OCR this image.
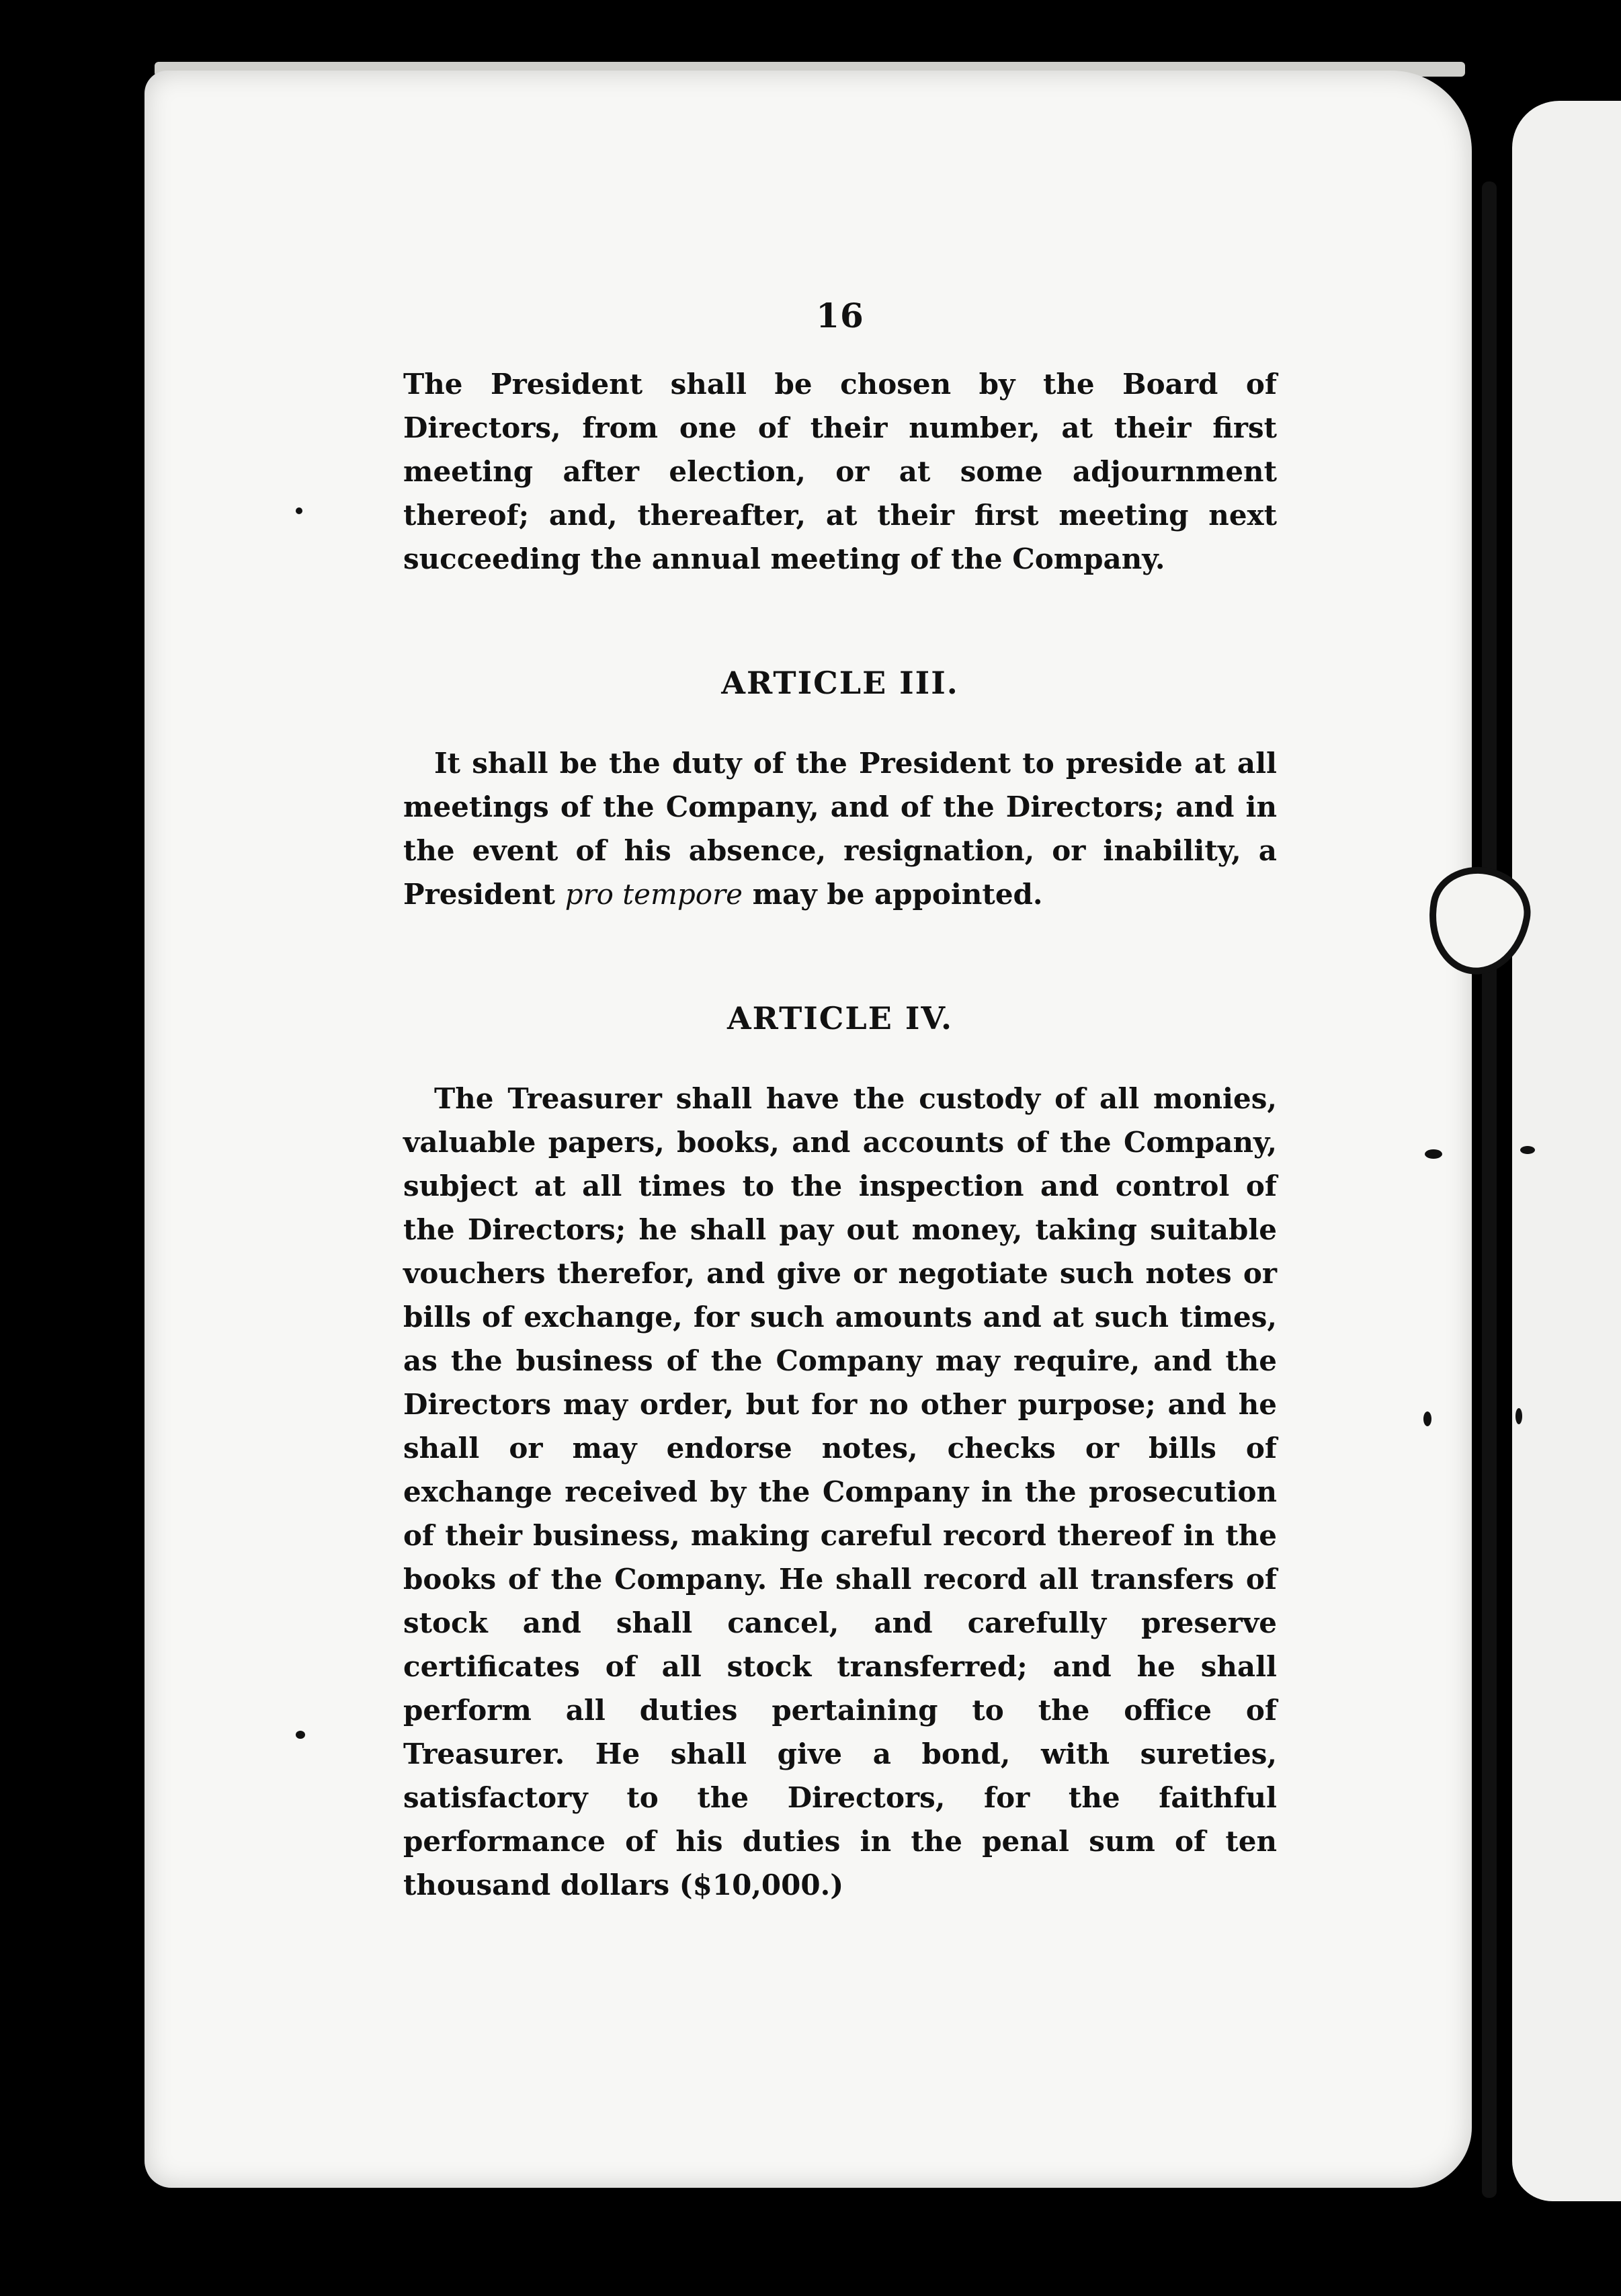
16

The President shall be chosen by the Board of Directors, from one of their number, at their first meeting after election, or at some adjournment thereof; and, thereafter, at their first meeting next succeeding the annual meeting of the Company.

ARTICLE III.

It shall be the duty of the President to preside at all meetings of the Company, and of the Directors; and in the event of his absence, resignation, or inability, a President pro tempore may be appointed.

ARTICLE IV.

The Treasurer shall have the custody of all monies, valuable papers, books, and accounts of the Company, subject at all times to the inspection and control of the Directors; he shall pay out money, taking suitable vouchers therefor, and give or negotiate such notes or bills of exchange, for such amounts and at such times, as the business of the Company may require, and the Directors may order, but for no other purpose; and he shall or may endorse notes, checks or bills of exchange received by the Company in the prosecution of their business, making careful record thereof in the books of the Company. He shall record all transfers of stock and shall cancel, and carefully preserve certificates of all stock transferred; and he shall perform all duties pertaining to the office of Treasurer. He shall give a bond, with sureties, satisfactory to the Directors, for the faithful performance of his duties in the penal sum of ten thousand dollars ($10,000.)
